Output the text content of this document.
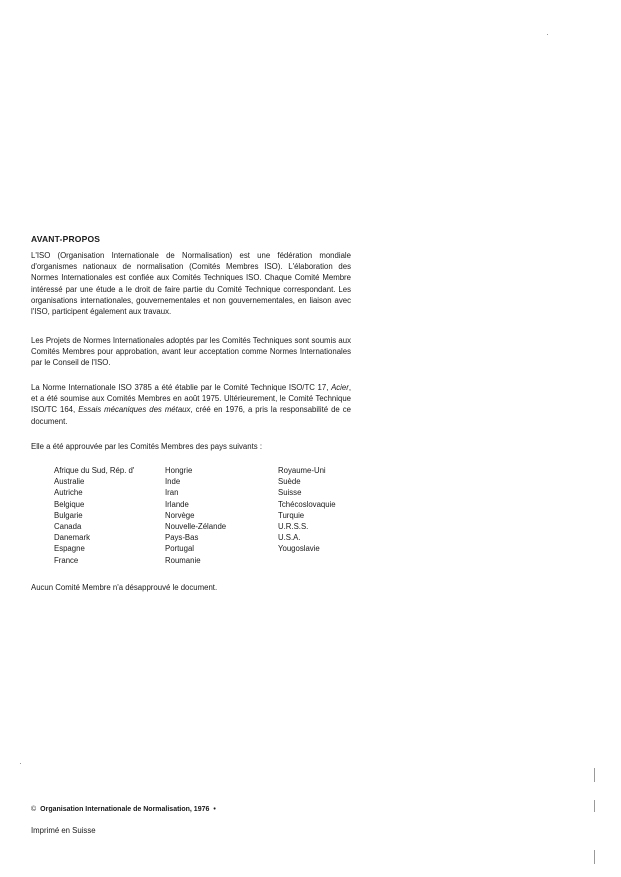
AVANT-PROPOS

L'ISO (Organisation Internationale de Normalisation) est une fédération mondiale d'organismes nationaux de normalisation (Comités Membres ISO). L'élaboration des Normes Internationales est confiée aux Comités Techniques ISO. Chaque Comité Membre intéressé par une étude a le droit de faire partie du Comité Technique correspondant. Les organisations internationales, gouvernementales et non gouvernementales, en liaison avec l'ISO, participent également aux travaux.

Les Projets de Normes Internationales adoptés par les Comités Techniques sont soumis aux Comités Membres pour approbation, avant leur acceptation comme Normes Internationales par le Conseil de l'ISO.

La Norme Internationale ISO 3785 a été établie par le Comité Technique ISO/TC 17, Acier, et a été soumise aux Comités Membres en août 1975. Ultérieurement, le Comité Technique ISO/TC 164, Essais mécaniques des métaux, créé en 1976, a pris la responsabilité de ce document.

Elle a été approuvée par les Comités Membres des pays suivants :

Afrique du Sud, Rép. d'
Australie
Autriche
Belgique
Bulgarie
Canada
Danemark
Espagne
France
Hongrie
Inde
Iran
Irlande
Norvège
Nouvelle-Zélande
Pays-Bas
Portugal
Roumanie
Royaume-Uni
Suède
Suisse
Tchécoslovaquie
Turquie
U.R.S.S.
U.S.A.
Yougoslavie
Aucun Comité Membre n'a désapprouvé le document.
© Organisation Internationale de Normalisation, 1976 •
Imprimé en Suisse
